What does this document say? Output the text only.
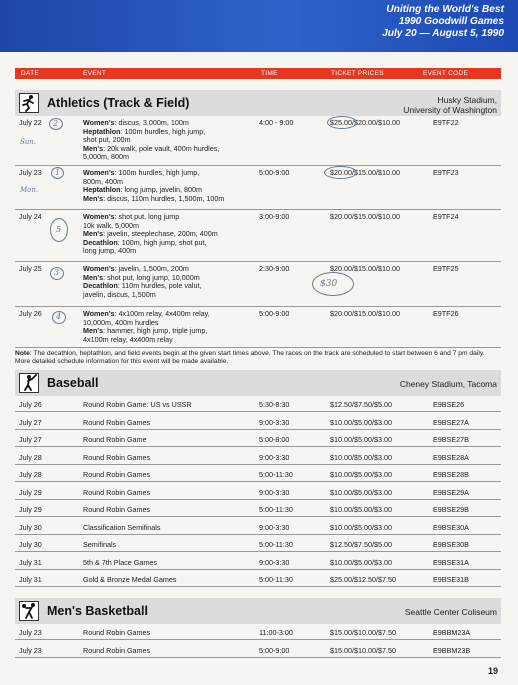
Uniting the World's Best
1990 Goodwill Games
July 20 — August 5, 1990
DATE	EVENT	TIME	TICKET PRICES	EVENT CODE
Athletics (Track & Field)	Husky Stadium,
University of Washington
July 22	Women's: discus, 3,000m, 100m
Heptathlon: 100m hurdles, high jump,
shot put, 200m
Men's: 20k walk, pole vault, 400m hurdles,
5,000m, 800m
4:00 - 9:00	$25.00/$20.00/$10.00	E9TF22
July 23	Women's: 100m hurdles, high jump,
800m, 400m
Heptathlon: long jump, javelin, 800m
Men's: discus, 110m hurdles, 1,500m, 100m
5:00-9:00	$20.00/$15.00/$10.00	E9TF23
July 24	Women's: shot put, long jump
10k walk, 5,000m
Men's: javelin, steeplechase, 200m, 400m
Decathlon: 100m, high jump, shot put,
long jump, 400m
3:00-9:00	$20.00/$15.00/$10.00	E9TF24
July 25	Women's: javelin, 1,500m, 200m
Men's: shot put, long jump, 10,000m
Decathlon: 110m hurdles, pole valut,
javelin, discus, 1,500m
2:30-9:00	$20.00/$15.00/$10.00	E9TF25
July 26	Women's: 4x100m relay, 4x400m relay,
10,000m, 400m hurdles
Men's: hammer, high jump, triple jump,
4x100m relay, 4x400m relay
5:00-9:00	$20.00/$15.00/$10.00	E9TF26
Note: The decathlon, heptathlon, and field events begin at the given start times above. The races on the track are scheduled to start between 6 and 7 pm daily. More detailed schedule information for this event will be made available.
Baseball	Cheney Stadium, Tacoma
July 26	Round Robin Game: US vs USSR	5:30-8:30	$12.50/$7.50/$5.00	E9BSE26
July 27	Round Robin Games	9:00-3:30	$10.00/$5.00/$3.00	E9BSE27A
July 27	Round Robin Game	5:00-8:00	$10.00/$5.00/$3.00	E9BSE27B
July 28	Round Robin Games	9:00-3:30	$10.00/$5.00/$3.00	E9BSE28A
July 28	Round Robin Games	5:00-11:30	$10.00/$5.00/$3.00	E9BSE28B
July 29	Round Robin Games	9:00-3:30	$10.00/$5.00/$3.00	E9BSE29A
July 29	Round Robin Games	5:00-11:30	$10.00/$5.00/$3.00	E9BSE29B
July 30	Classification Semifinals	9:00-3:30	$10.00/$5.00/$3.00	E9BSE30A
July 30	Semifinals	5:00-11:30	$12.50/$7.50/$5.00	E9BSE30B
July 31	5th & 7th Place Games	9:00-3:30	$10.00/$5.00/$3.00	E9BSE31A
July 31	Gold & Bronze Medal Games	5:00-11:30	$25.00/$12.50/$7.50	E9BSE31B
Men's Basketball	Seattle Center Coliseum
July 23	Round Robin Games	11:00-3:00	$15.00/$10.00/$7.50	E9BBM23A
July 23	Round Robin Games	5:00-9:00	$15.00/$10.00/$7.50	E9BBM23B
Sun.
Mon.
2
1
5
3
4
$30
19
